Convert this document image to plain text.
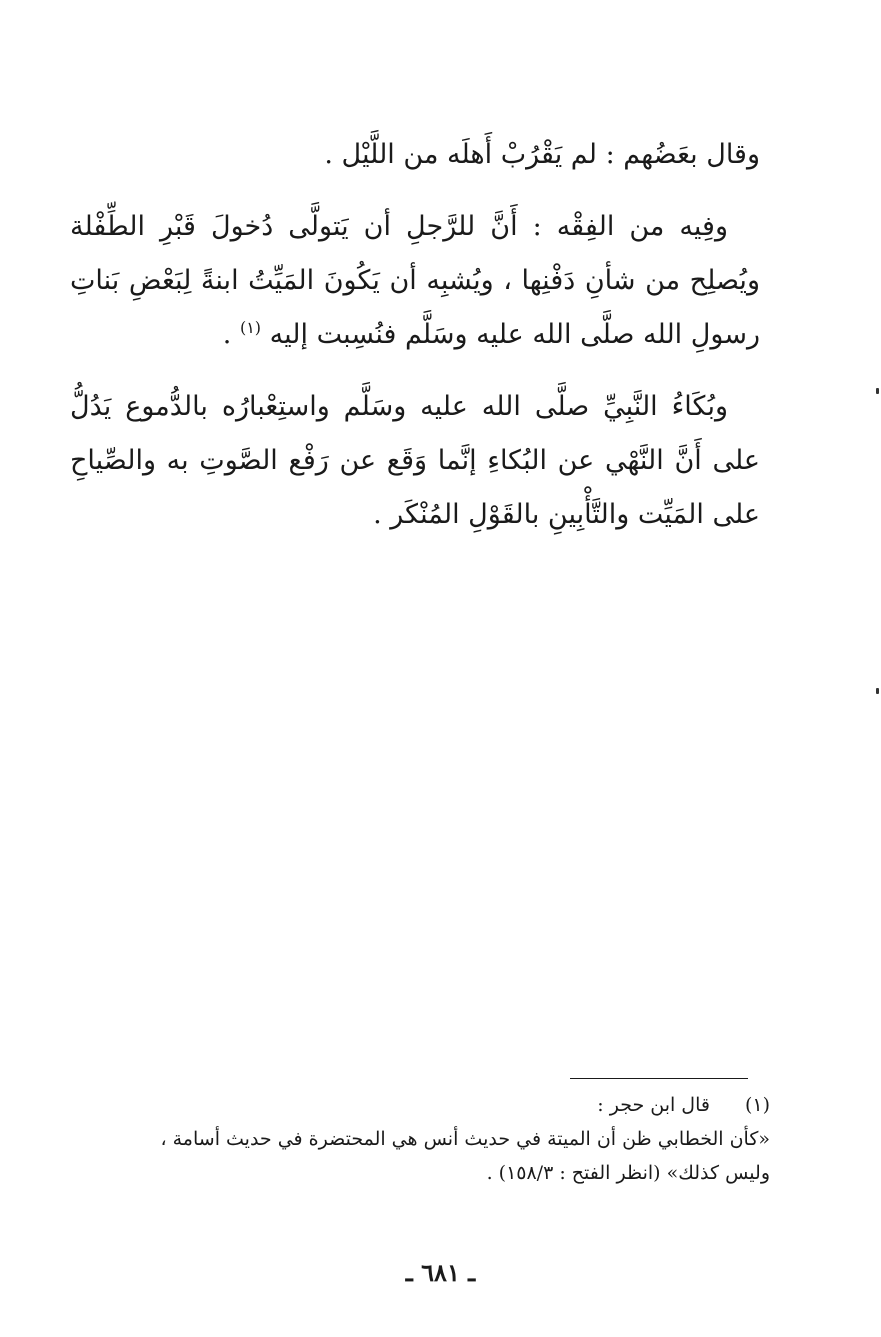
وقال بعَضُهم : لم يَقْرُبْ أَهلَه من اللَّيْل .

وفِيه من الفِقْه : أَنَّ للرَّجلِ أن يَتولَّى دُخولَ قَبْرِ الطِّفْلة ويُصلِح من شأنِ دَفْنِها ، ويُشبِه أن يَكُونَ المَيِّتُ ابنةً لِبَعْضِ بَناتِ رسولِ الله صلَّى الله عليه وسَلَّم فنُسِبت إليه $^{(١)}$ .

وبُكَاءُ النَّبِيِّ صلَّى الله عليه وسَلَّم واستِعْبارُه بالدُّموع يَدُلُّ على أَنَّ النَّهْي عن البُكاءِ إنَّما وَقَع عن رَفْع الصَّوتِ به والصِّياحِ على المَيِّت والتَّأْبِينِ بالقَوْلِ المُنْكَر .

(١)
قال ابن حجر :
«كأن الخطابي ظن أن الميتة في حديث أنس هي المحتضرة في حديث أسامة ،
وليس كذلك» (انظر الفتح : ١٥٨/٣) .
ـ ٦٨١ ـ
